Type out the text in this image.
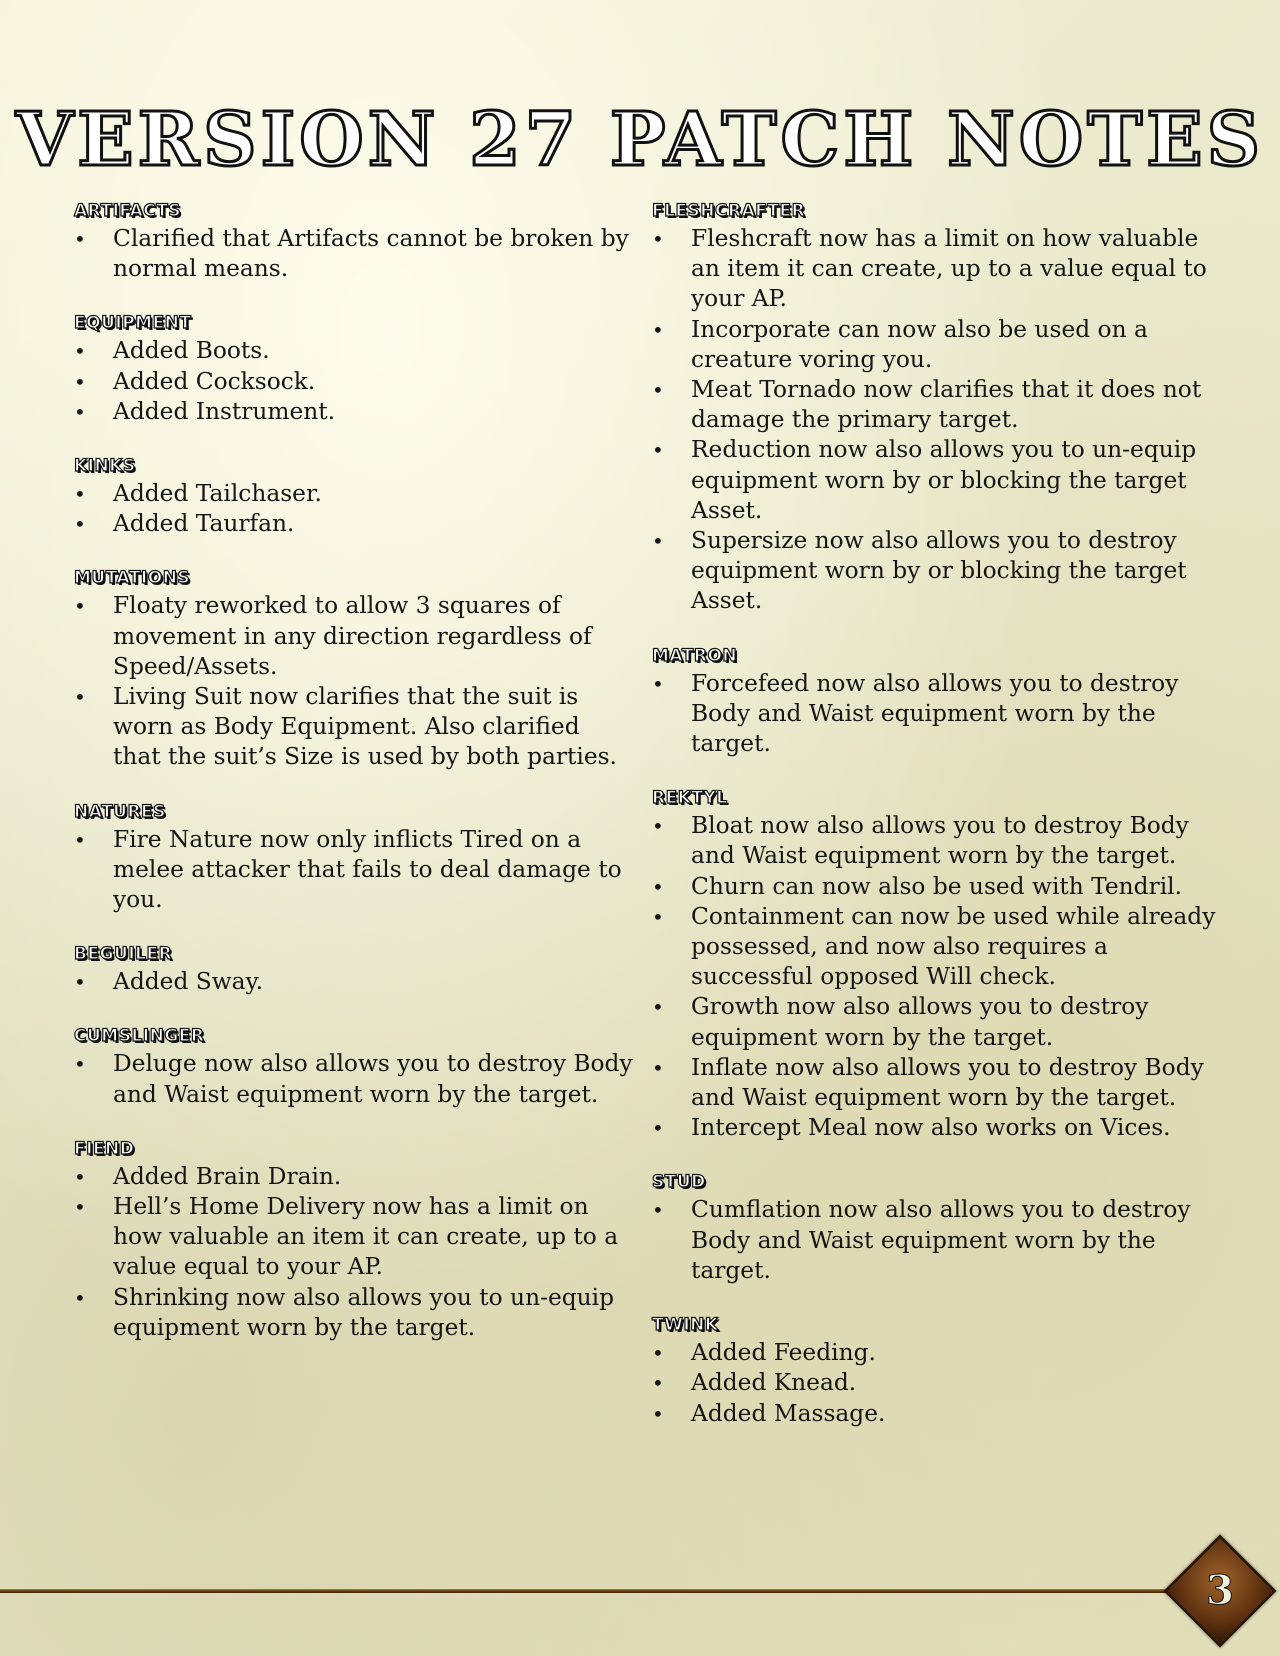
VERSION 27 PATCH NOTES
ARTIFACTS
• Clarified that Artifacts cannot be broken by normal means.
EQUIPMENT
• Added Boots.
• Added Cocksock.
• Added Instrument.
KINKS
• Added Tailchaser.
• Added Taurfan.
MUTATIONS
• Floaty reworked to allow 3 squares of movement in any direction regardless of Speed/Assets.
• Living Suit now clarifies that the suit is worn as Body Equipment. Also clarified that the suit’s Size is used by both parties.
NATURES
• Fire Nature now only inflicts Tired on a melee attacker that fails to deal damage to you.
BEGUILER
• Added Sway.
CUMSLINGER
• Deluge now also allows you to destroy Body and Waist equipment worn by the target.
FIEND
• Added Brain Drain.
• Hell’s Home Delivery now has a limit on how valuable an item it can create, up to a value equal to your AP.
• Shrinking now also allows you to un-equip equipment worn by the target.
FLESHCRAFTER
• Fleshcraft now has a limit on how valuable an item it can create, up to a value equal to your AP.
• Incorporate can now also be used on a creature voring you.
• Meat Tornado now clarifies that it does not damage the primary target.
• Reduction now also allows you to un-equip equipment worn by or blocking the target Asset.
• Supersize now also allows you to destroy equipment worn by or blocking the target Asset.
MATRON
• Forcefeed now also allows you to destroy Body and Waist equipment worn by the target.
REKTYL
• Bloat now also allows you to destroy Body and Waist equipment worn by the target.
• Churn can now also be used with Tendril.
• Containment can now be used while already possessed, and now also requires a successful opposed Will check.
• Growth now also allows you to destroy equipment worn by the target.
• Inflate now also allows you to destroy Body and Waist equipment worn by the target.
• Intercept Meal now also works on Vices.
STUD
• Cumflation now also allows you to destroy Body and Waist equipment worn by the target.
TWINK
• Added Feeding.
• Added Knead.
• Added Massage.
3
